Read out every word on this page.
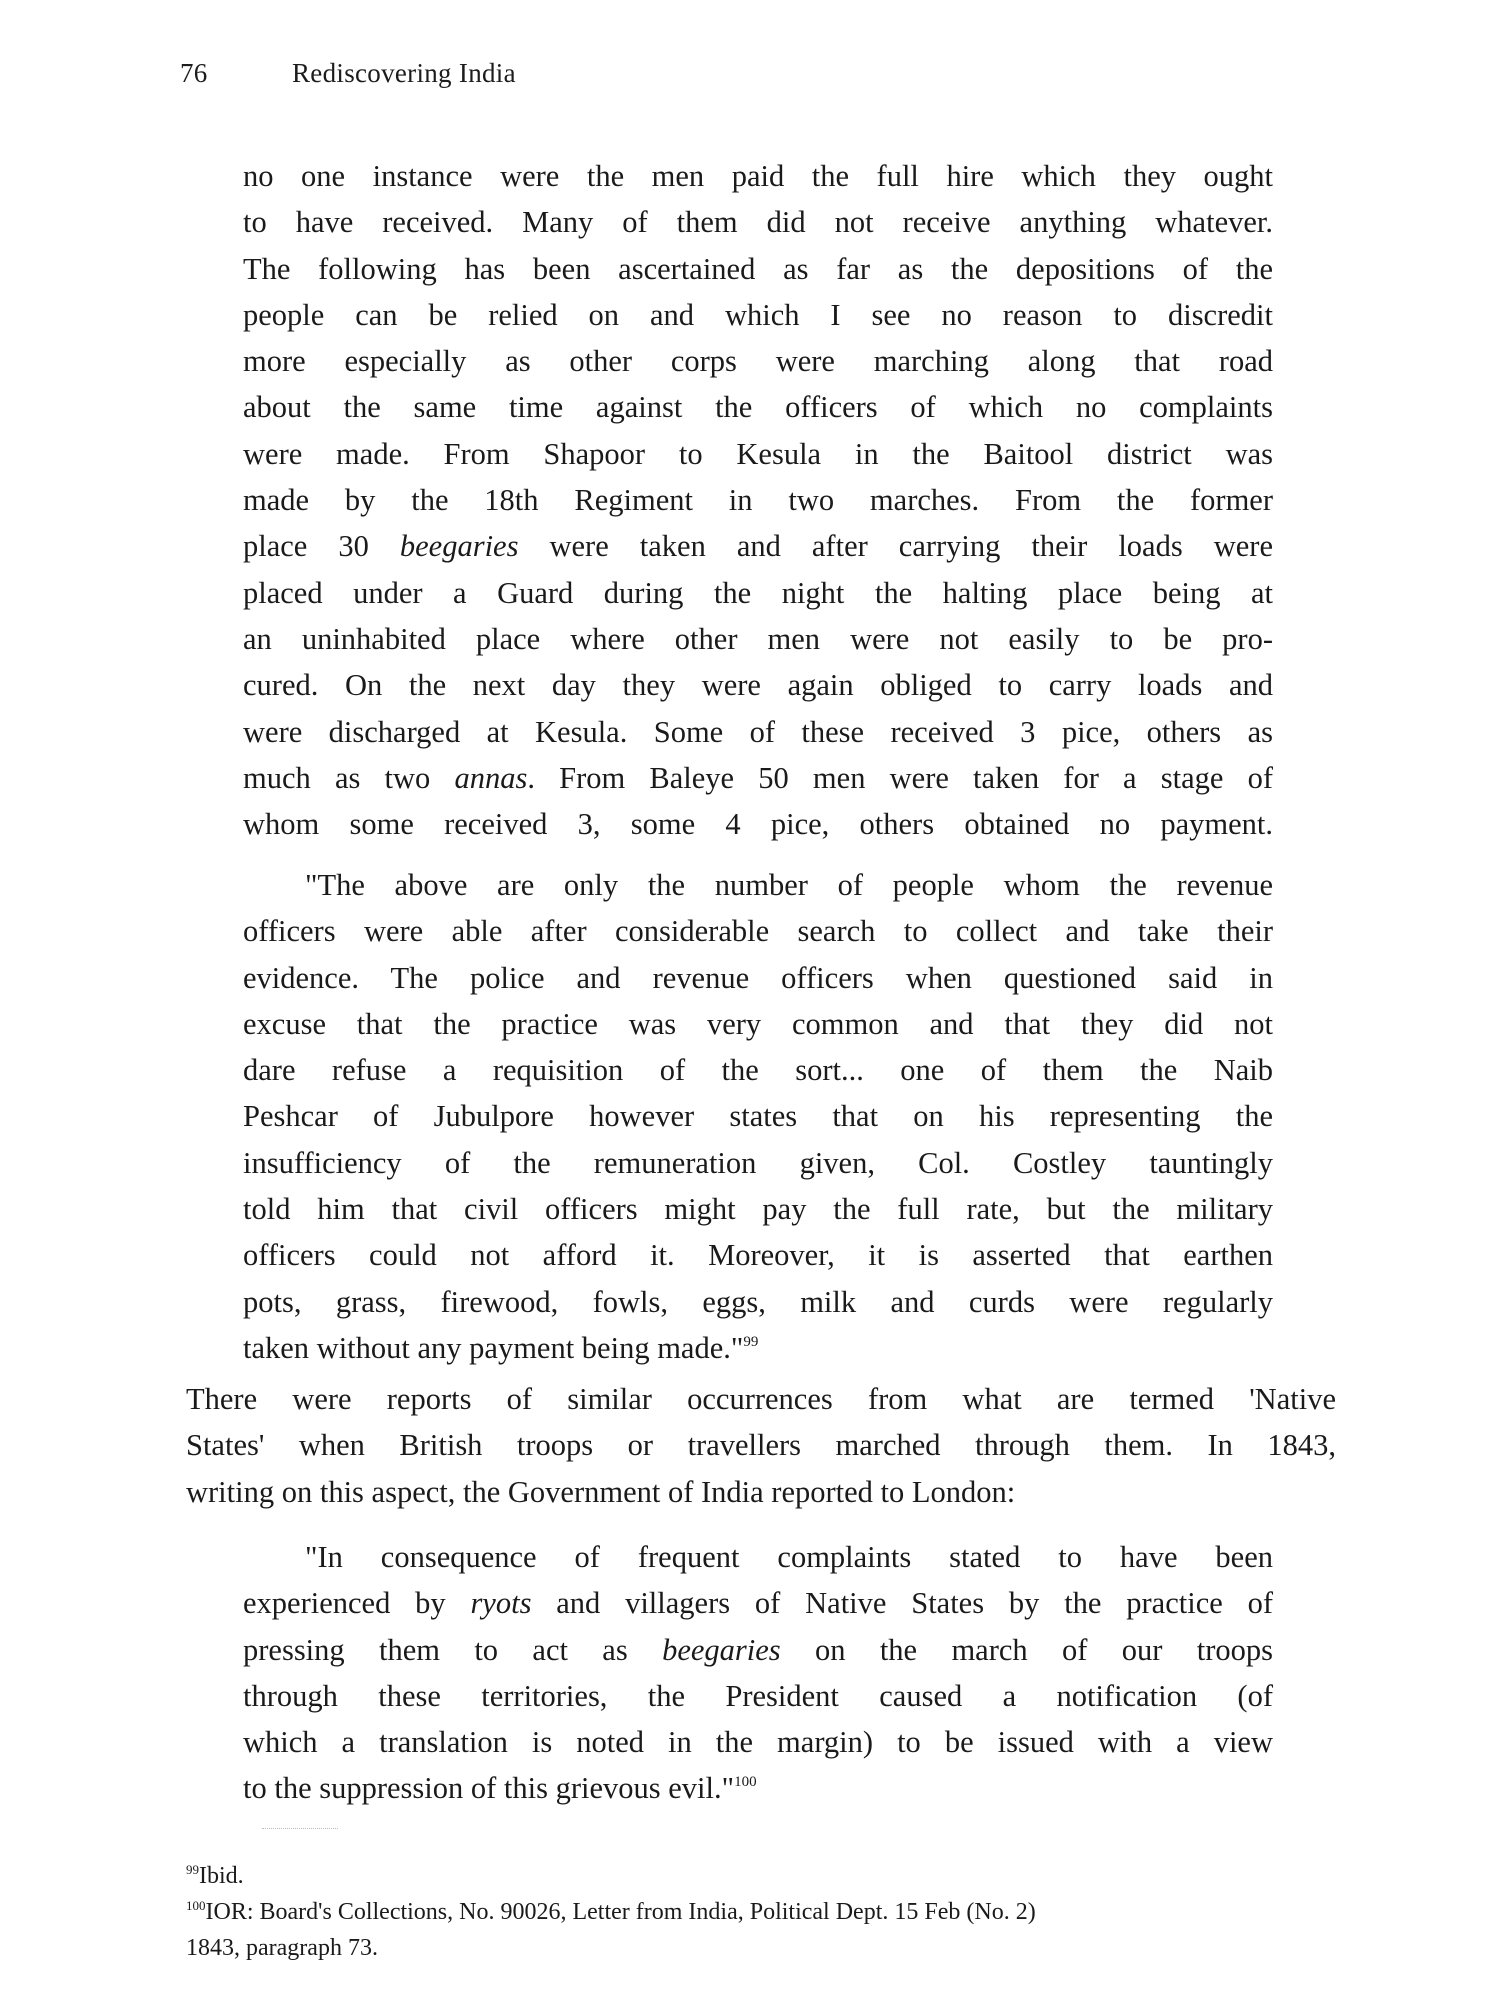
76	Rediscovering India
no one instance were the men paid the full hire which they ought
to have received. Many of them did not receive anything whatever.
The following has been ascertained as far as the depositions of the
people can be relied on and which I see no reason to discredit
more especially as other corps were marching along that road
about the same time against the officers of which no complaints
were made. From Shapoor to Kesula in the Baitool district was
made by the 18th Regiment in two marches. From the former
place 30 beegaries were taken and after carrying their loads were
placed under a Guard during the night the halting place being at
an uninhabited place where other men were not easily to be pro-
cured. On the next day they were again obliged to carry loads and
were discharged at Kesula. Some of these received 3 pice, others as
much as two annas. From Baleye 50 men were taken for a stage of
whom some received 3, some 4 pice, others obtained no payment.
"The above are only the number of people whom the revenue
officers were able after considerable search to collect and take their
evidence. The police and revenue officers when questioned said in
excuse that the practice was very common and that they did not
dare refuse a requisition of the sort... one of them the Naib
Peshcar of Jubulpore however states that on his representing the
insufficiency of the remuneration given, Col. Costley tauntingly
told him that civil officers might pay the full rate, but the military
officers could not afford it. Moreover, it is asserted that earthen
pots, grass, firewood, fowls, eggs, milk and curds were regularly
taken without any payment being made."$^{99}$
There were reports of similar occurrences from what are termed 'Native
States' when British troops or travellers marched through them. In 1843,
writing on this aspect, the Government of India reported to London:
"In consequence of frequent complaints stated to have been
experienced by ryots and villagers of Native States by the practice of
pressing them to act as beegaries on the march of our troops
through these territories, the President caused a notification (of
which a translation is noted in the margin) to be issued with a view
to the suppression of this grievous evil."$^{100}$

$^{99}$Ibid.

$^{100}$IOR: Board's Collections, No. 90026, Letter from India, Political Dept. 15 Feb (No. 2)
1843, paragraph 73.
